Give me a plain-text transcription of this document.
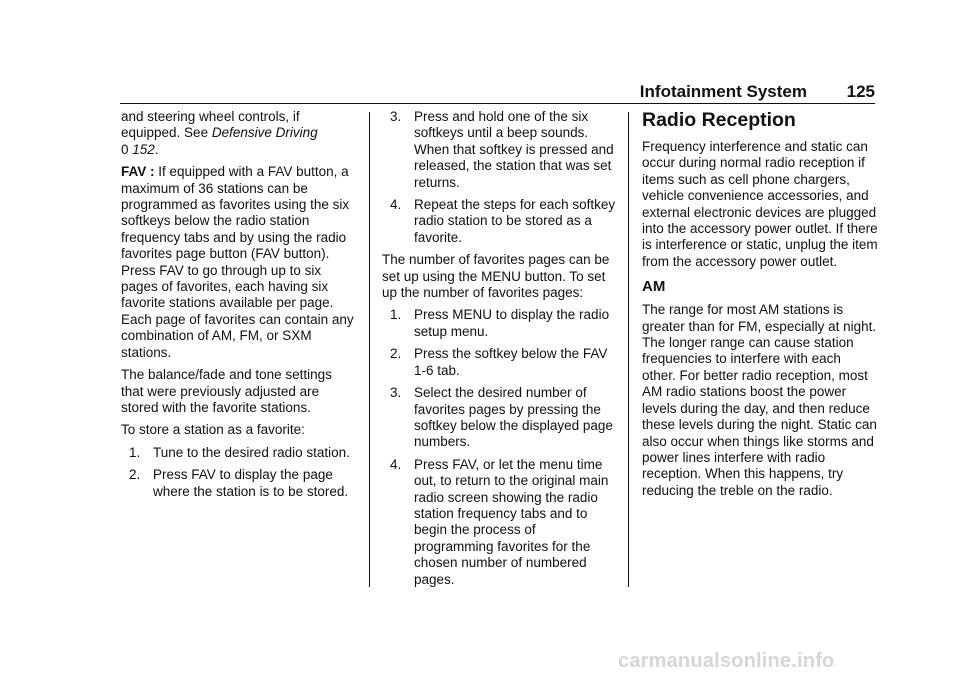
Infotainment System 125

and steering wheel controls, if equipped. See Defensive Driving
0 152.

FAV : If equipped with a FAV button, a maximum of 36 stations can be programmed as favorites using the six softkeys below the radio station frequency tabs and by using the radio favorites page button (FAV button). Press FAV to go through up to six pages of favorites, each having six favorite stations available per page. Each page of favorites can contain any combination of AM, FM, or SXM stations.

The balance/fade and tone settings that were previously adjusted are stored with the favorite stations.

To store a station as a favorite:

1. Tune to the desired radio station.
2. Press FAV to display the page where the station is to be stored.
3. Press and hold one of the six softkeys until a beep sounds. When that softkey is pressed and released, the station that was set returns.
4. Repeat the steps for each softkey radio station to be stored as a favorite.

The number of favorites pages can be set up using the MENU button. To set up the number of favorites pages:

1. Press MENU to display the radio setup menu.
2. Press the softkey below the FAV 1-6 tab.
3. Select the desired number of favorites pages by pressing the softkey below the displayed page numbers.
4. Press FAV, or let the menu time out, to return to the original main radio screen showing the radio station frequency tabs and to begin the process of programming favorites for the chosen number of numbered pages.
Radio Reception

Frequency interference and static can occur during normal radio reception if items such as cell phone chargers, vehicle convenience accessories, and external electronic devices are plugged into the accessory power outlet. If there is interference or static, unplug the item from the accessory power outlet.

AM

The range for most AM stations is greater than for FM, especially at night. The longer range can cause station frequencies to interfere with each other. For better radio reception, most AM radio stations boost the power levels during the day, and then reduce these levels during the night. Static can also occur when things like storms and power lines interfere with radio reception. When this happens, try reducing the treble on the radio.

carmanualsonline.info
